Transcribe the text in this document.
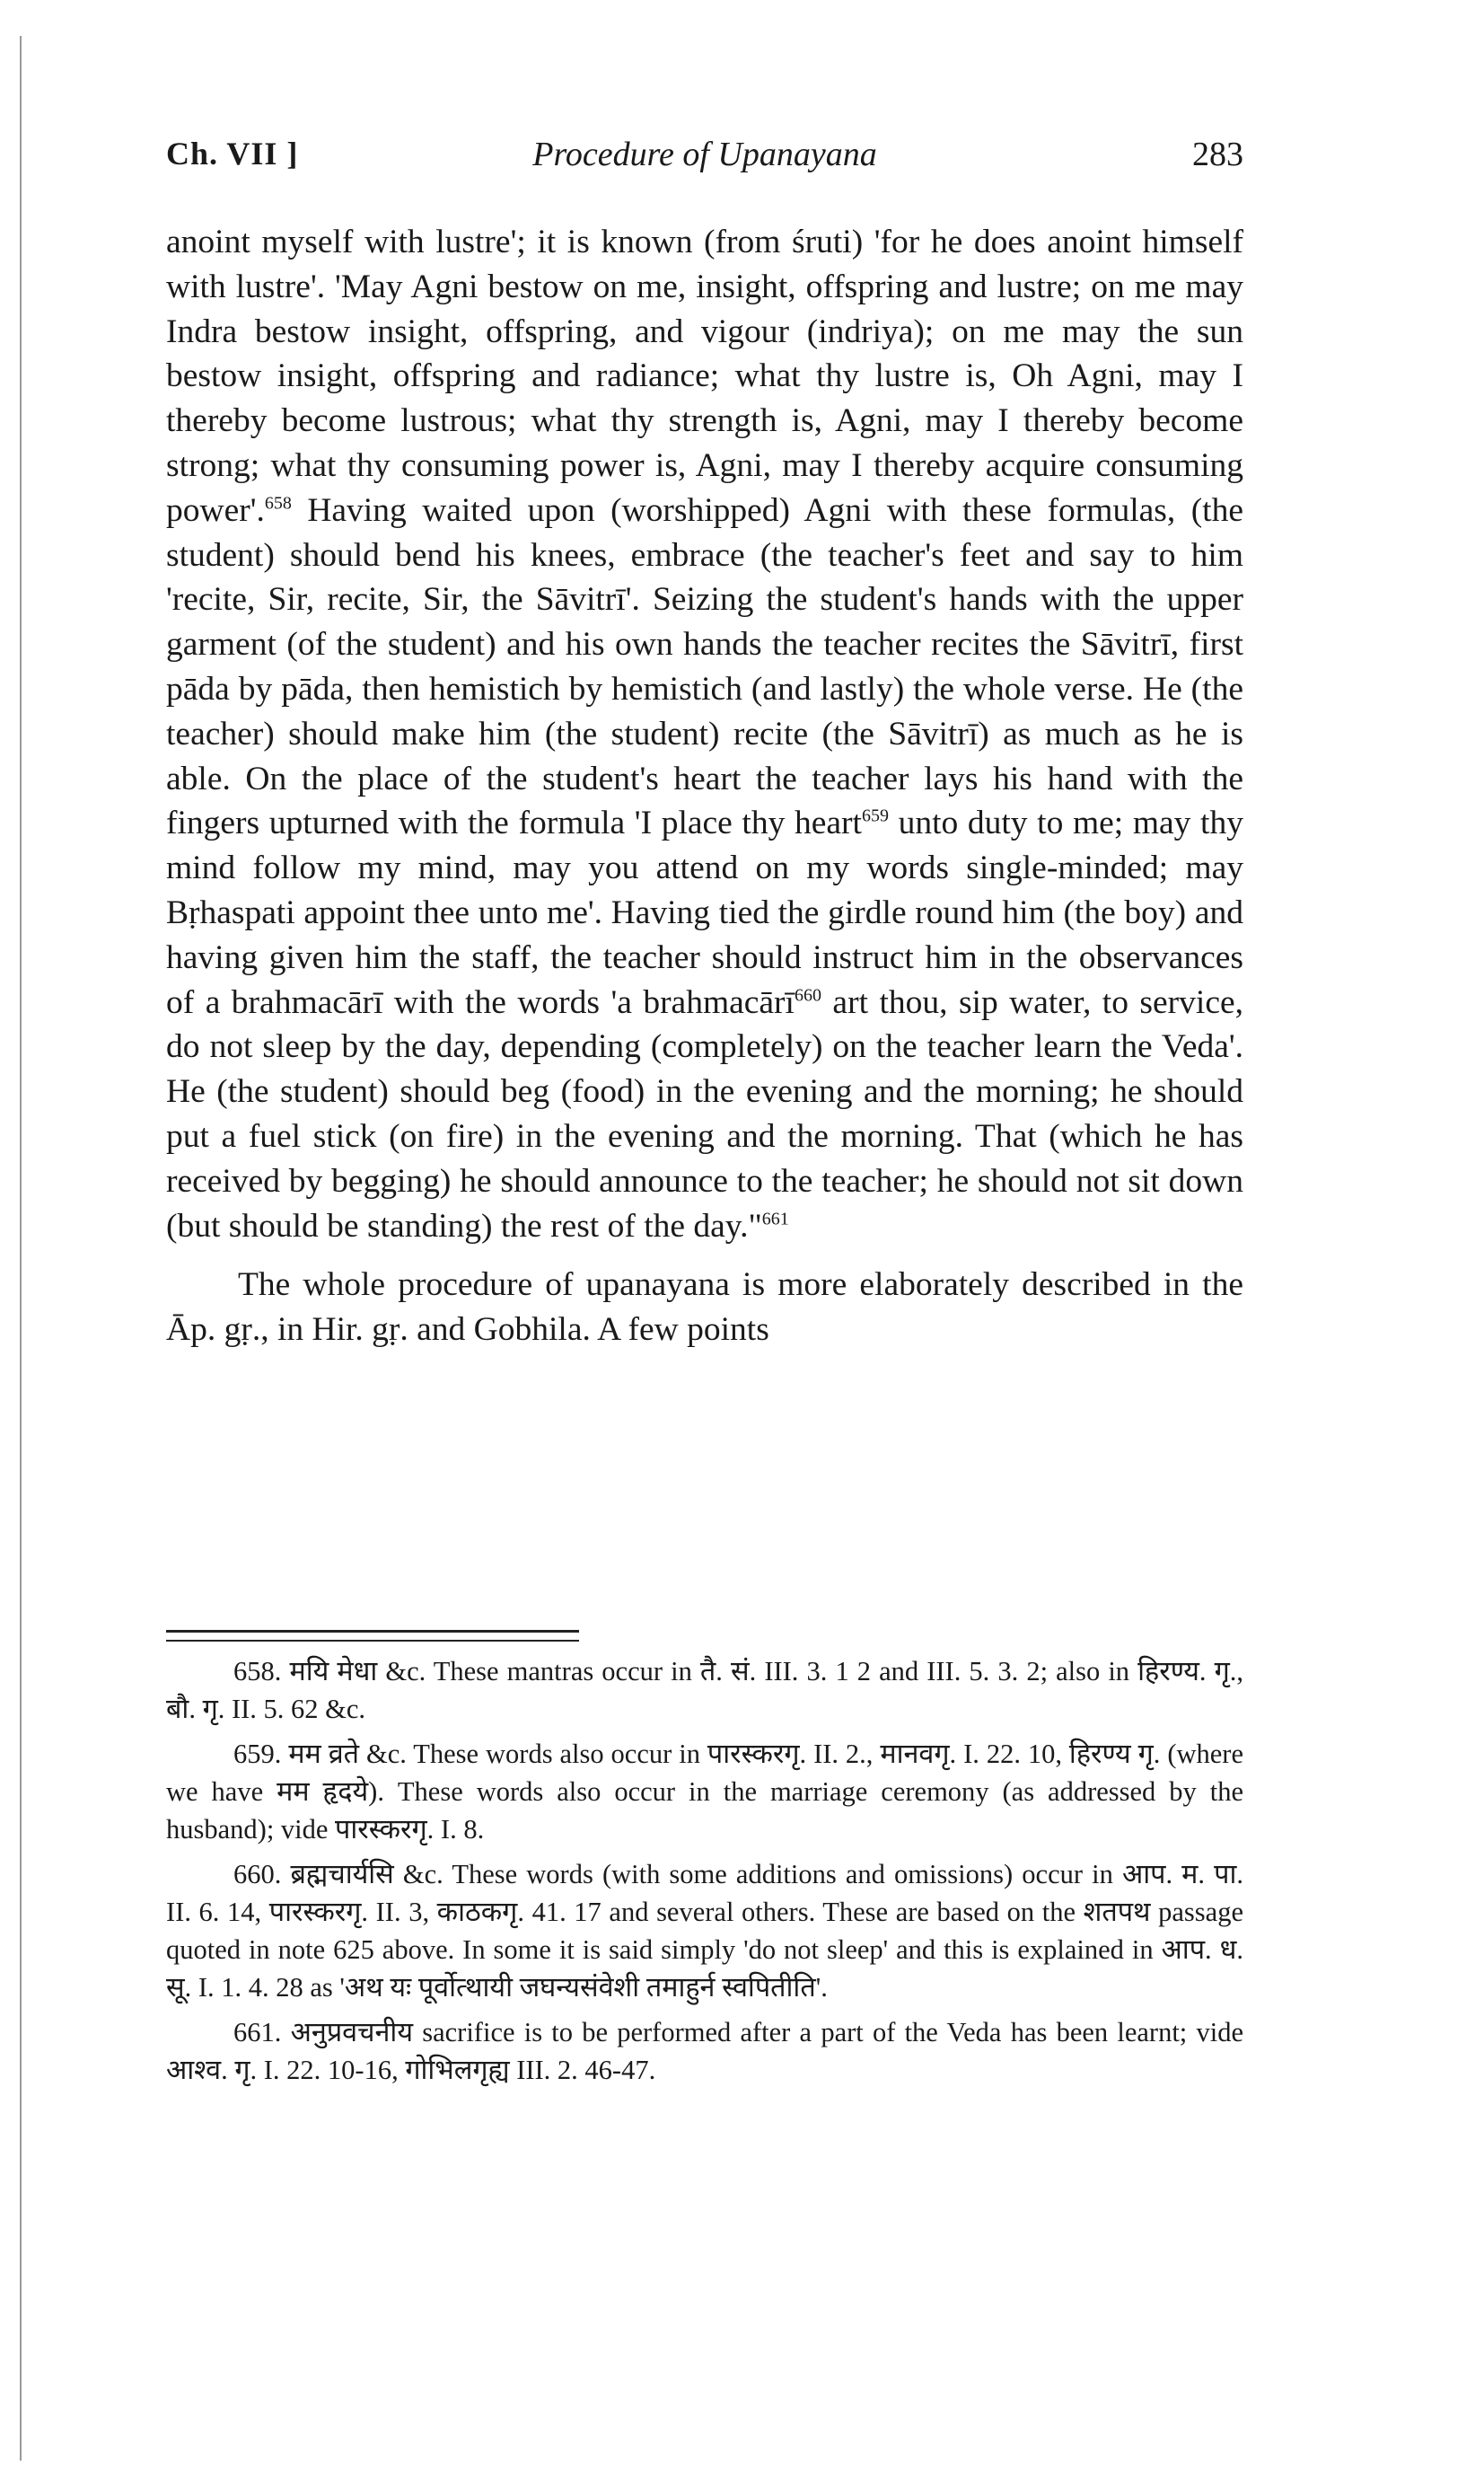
Ch. VII ]	Procedure of Upanayana	283

anoint myself with lustre'; it is known (from śruti) 'for he does anoint himself with lustre'. 'May Agni bestow on me, insight, offspring and lustre; on me may Indra bestow insight, offspring, and vigour (indriya); on me may the sun bestow insight, offspring and radiance; what thy lustre is, Oh Agni, may I thereby become lustrous; what thy strength is, Agni, may I thereby become strong; what thy consuming power is, Agni, may I thereby acquire consuming power'.$^{658}$ Having waited upon (worshipped) Agni with these formulas, (the student) should bend his knees, embrace (the teacher's feet and say to him 'recite, Sir, recite, Sir, the Sāvitrī'. Seizing the student's hands with the upper garment (of the student) and his own hands the teacher recites the Sāvitrī, first pāda by pāda, then hemistich by hemistich (and lastly) the whole verse. He (the teacher) should make him (the student) recite (the Sāvitrī) as much as he is able. On the place of the student's heart the teacher lays his hand with the fingers upturned with the formula 'I place thy heart$^{659}$ unto duty to me; may thy mind follow my mind, may you attend on my words single-minded; may Bṛhaspati appoint thee unto me'. Having tied the girdle round him (the boy) and having given him the staff, the teacher should instruct him in the observances of a brahmacārī with the words 'a brahmacārī$^{660}$ art thou, sip water, to service, do not sleep by the day, depending (completely) on the teacher learn the Veda'. He (the student) should beg (food) in the evening and the morning; he should put a fuel stick (on fire) in the evening and the morning. That (which he has received by begging) he should announce to the teacher; he should not sit down (but should be standing) the rest of the day."$^{661}$

The whole procedure of upanayana is more elaborately described in the Āp. gṛ., in Hir. gṛ. and Gobhila. A few points

658. मयि मेधा &c. These mantras occur in तै. सं. III. 3. 1 2 and III. 5. 3. 2; also in हिरण्य. गृ., बौ. गृ. II. 5. 62 &c.

659. मम व्रते &c. These words also occur in पारस्करगृ. II. 2., मानवगृ. I. 22. 10, हिरण्य गृ. (where we have मम हृदये). These words also occur in the marriage ceremony (as addressed by the husband); vide पारस्करगृ. I. 8.

660. ब्रह्मचार्यसि &c. These words (with some additions and omissions) occur in आप. म. पा. II. 6. 14, पारस्करगृ. II. 3, काठकगृ. 41. 17 and several others. These are based on the शतपथ passage quoted in note 625 above. In some it is said simply 'do not sleep' and this is explained in आप. ध. सू. I. 1. 4. 28 as 'अथ यः पूर्वोत्थायी जघन्यसंवेशी तमाहुर्न स्वपितीति'.

661. अनुप्रवचनीय sacrifice is to be performed after a part of the Veda has been learnt; vide आश्व. गृ. I. 22. 10-16, गोभिलगृह्य III. 2. 46-47.
